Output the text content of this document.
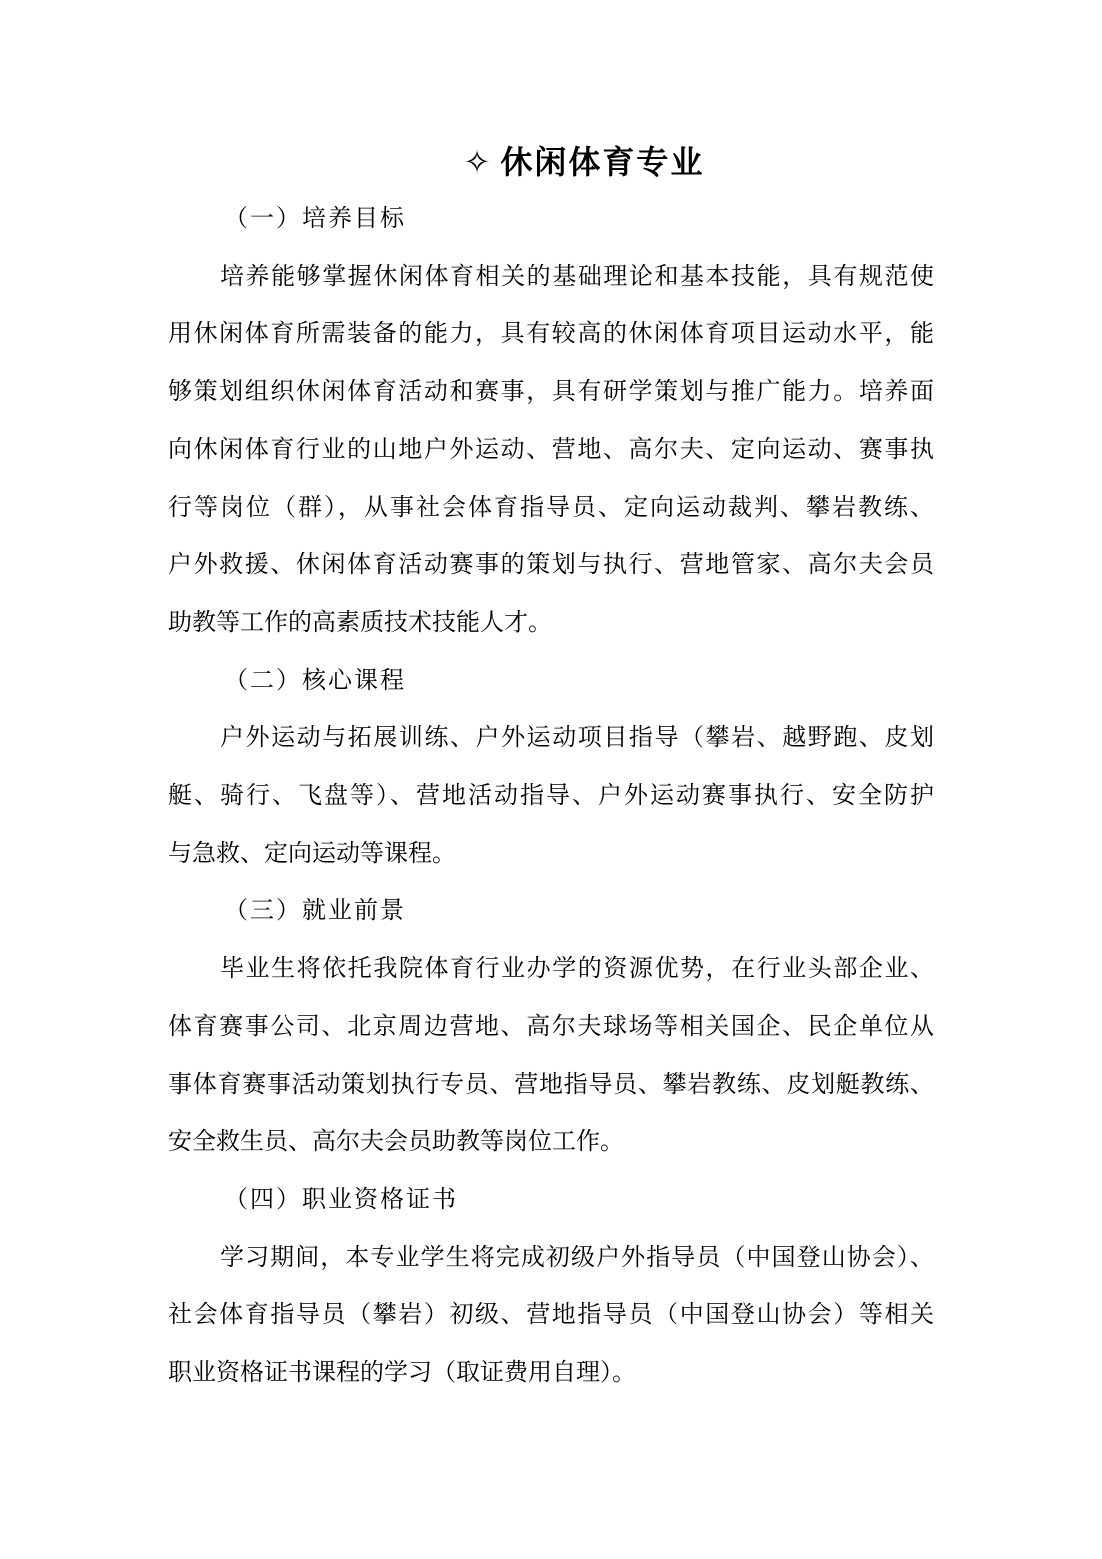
✧ 休闲体育专业
（一）培养目标
培养能够掌握休闲体育相关的基础理论和基本技能，具有规范使
用休闲体育所需装备的能力，具有较高的休闲体育项目运动水平，能
够策划组织休闲体育活动和赛事，具有研学策划与推广能力。培养面
向休闲体育行业的山地户外运动、营地、高尔夫、定向运动、赛事执
行等岗位（群），从事社会体育指导员、定向运动裁判、攀岩教练、
户外救援、休闲体育活动赛事的策划与执行、营地管家、高尔夫会员
助教等工作的高素质技术技能人才。
（二）核心课程
户外运动与拓展训练、户外运动项目指导（攀岩、越野跑、皮划
艇、骑行、飞盘等）、营地活动指导、户外运动赛事执行、安全防护
与急救、定向运动等课程。
（三）就业前景
毕业生将依托我院体育行业办学的资源优势，在行业头部企业、
体育赛事公司、北京周边营地、高尔夫球场等相关国企、民企单位从
事体育赛事活动策划执行专员、营地指导员、攀岩教练、皮划艇教练、
安全救生员、高尔夫会员助教等岗位工作。
（四）职业资格证书
学习期间，本专业学生将完成初级户外指导员（中国登山协会）、
社会体育指导员（攀岩）初级、营地指导员（中国登山协会）等相关
职业资格证书课程的学习（取证费用自理）。
